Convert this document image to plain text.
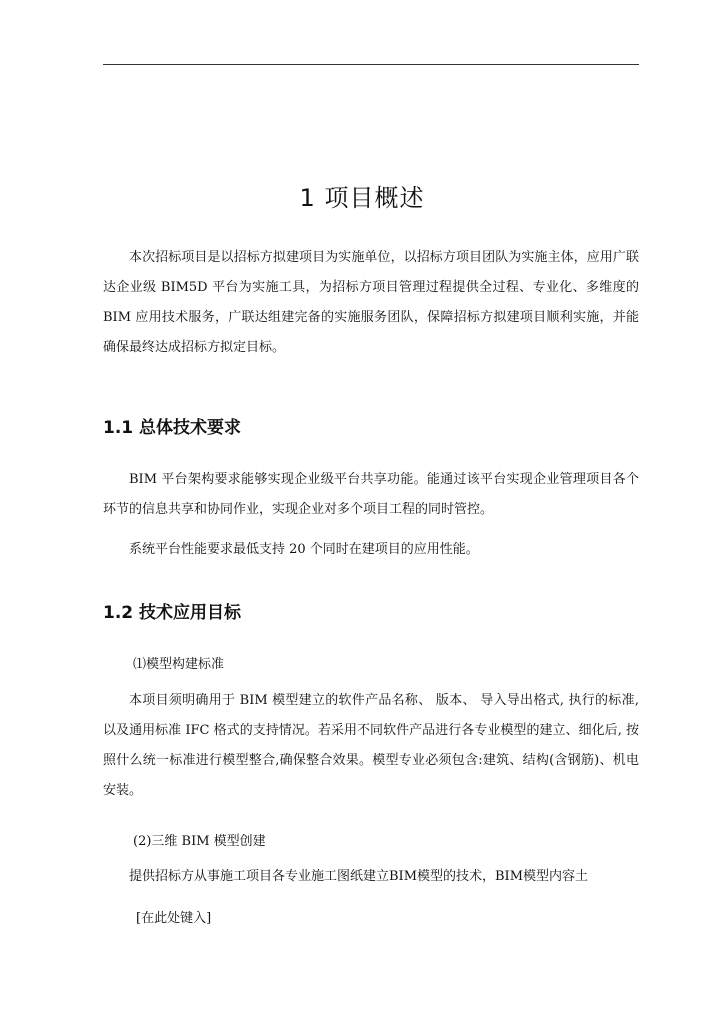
1 项目概述
本次招标项目是以招标方拟建项目为实施单位，以招标方项目团队为实施主体，应用广联达企业级 BIM5D 平台为实施工具，为招标方项目管理过程提供全过程、专业化、多维度的 BIM 应用技术服务，广联达组建完备的实施服务团队，保障招标方拟建项目顺利实施，并能确保最终达成招标方拟定目标。
1.1 总体技术要求
BIM 平台架构要求能够实现企业级平台共享功能。能通过该平台实现企业管理项目各个环节的信息共享和协同作业，实现企业对多个项目工程的同时管控。
系统平台性能要求最低支持 20 个同时在建项目的应用性能。
1.2 技术应用目标
⑴模型构建标准
本项目须明确用于 BIM 模型建立的软件产品名称、 版本、 导入导出格式, 执行的标准, 以及通用标准 IFC 格式的支持情况。若采用不同软件产品进行各专业模型的建立、细化后, 按照什么统一标准进行模型整合,确保整合效果。模型专业必须包含:建筑、结构(含钢筋)、机电安装。
(2)三维 BIM 模型创建
提供招标方从事施工项目各专业施工图纸建立BIM模型的技术，BIM模型内容土
[在此处键入]
